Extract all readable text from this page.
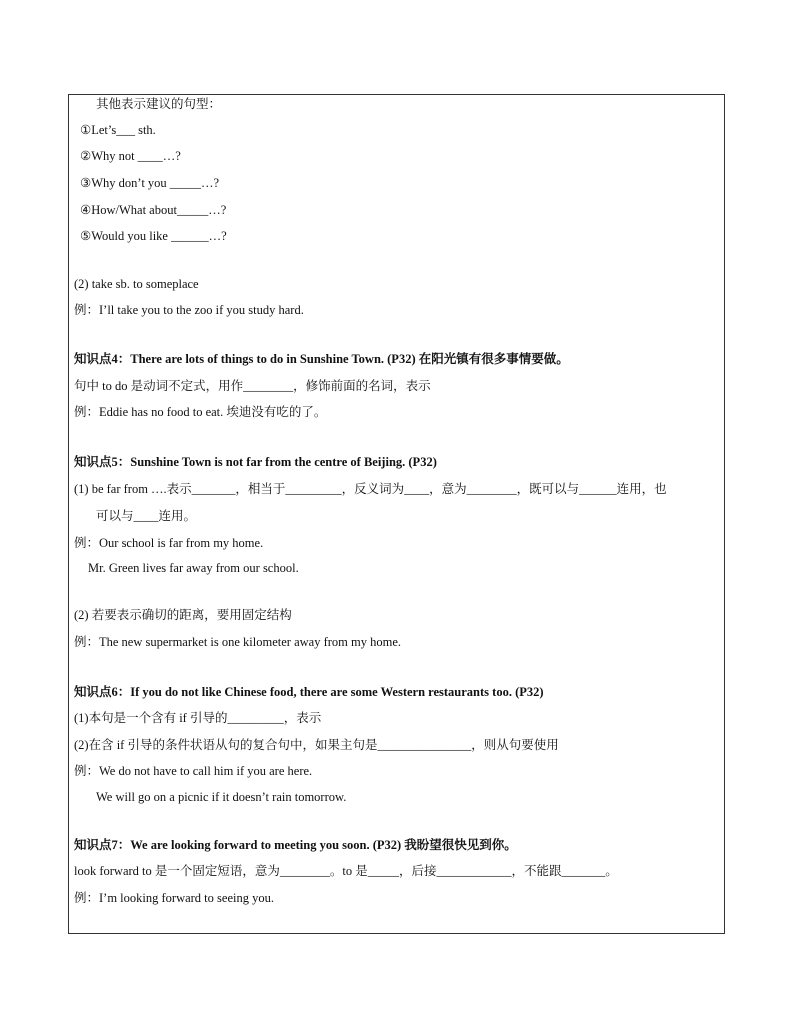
其他表示建议的句型：
①Let’s___ sth.
②Why not ____…?
③Why don’t you _____…?
④How/What about_____…?
⑤Would you like ______…?
(2) take sb. to someplace
例：I’ll take you to the zoo if you study hard.
知识点4：There are lots of things to do in Sunshine Town. (P32) 在阳光镇有很多事情要做。
句中 to do 是动词不定式，用作________，修饰前面的名词，表示
例：Eddie has no food to eat. 埃迪没有吃的了。
知识点5：Sunshine Town is not far from the centre of Beijing. (P32)
(1) be far from ….表示_______，相当于_________，反义词为____，意为________，既可以与______连用，也
可以与____连用。
例：Our school is far from my home.
Mr. Green lives far away from our school.
(2) 若要表示确切的距离，要用固定结构
例：The new supermarket is one kilometer away from my home.
知识点6：If you do not like Chinese food, there are some Western restaurants too. (P32)
(1)本句是一个含有 if 引导的_________，表示
(2)在含 if 引导的条件状语从句的复合句中，如果主句是_______________，则从句要使用
例：We do not have to call him if you are here.
We will go on a picnic if it doesn’t rain tomorrow.
知识点7：We are looking forward to meeting you soon. (P32) 我盼望很快见到你。
look forward to 是一个固定短语，意为________。to 是_____，后接____________，不能跟_______。
例：I’m looking forward to seeing you.
